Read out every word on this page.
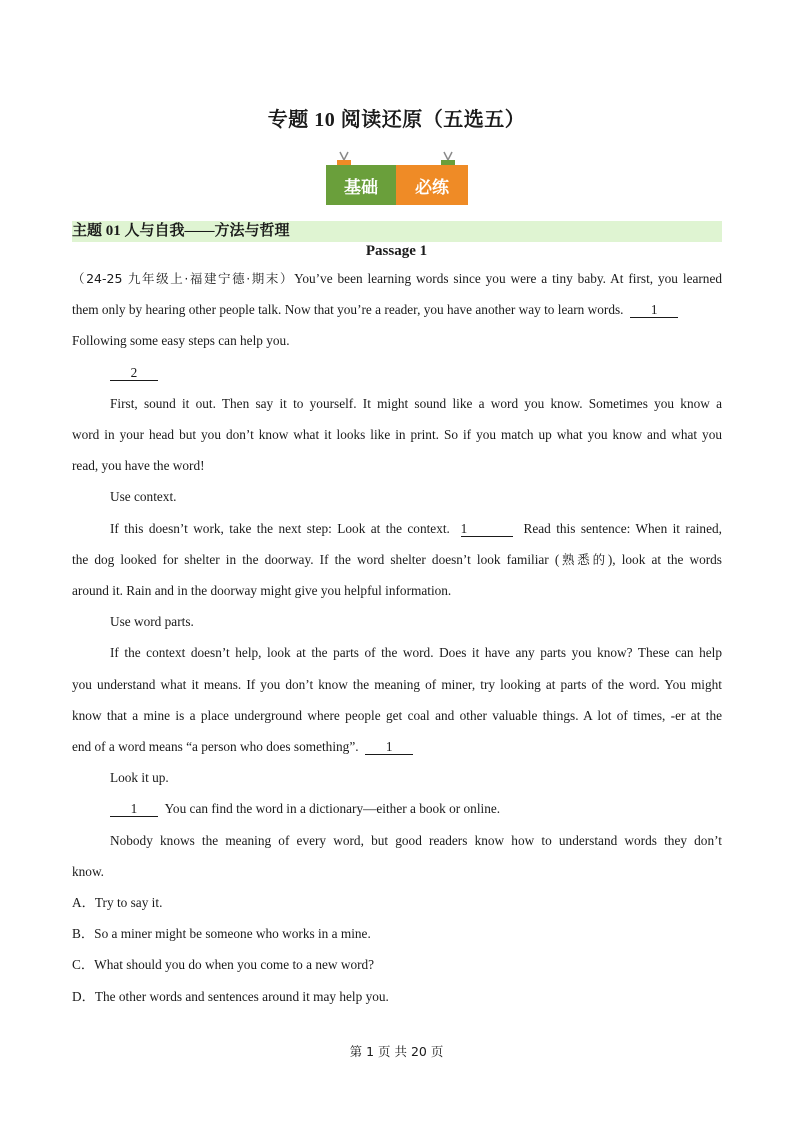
专题 10 阅读还原（五选五）
基础	必练
主题 01 人与自我——方法与哲理
Passage 1
（24-25 九年级上·福建宁德·期末）You’ve been learning words since you were a tiny baby. At first, you learned
them only by hearing other people talk. Now that you’re a reader, you have another way to learn words. 1
Following some easy steps can help you.
2
First, sound it out. Then say it to yourself. It might sound like a word you know. Sometimes you know a
word in your head but you don’t know what it looks like in print. So if you match up what you know and what you
read, you have the word!
Use context.
If this doesn’t work, take the next step: Look at the context. 1	Read this sentence: When it rained,
the dog looked for shelter in the doorway. If the word shelter doesn’t look familiar (熟悉的), look at the words
around it. Rain and in the doorway might give you helpful information.
Use word parts.
If the context doesn’t help, look at the parts of the word. Does it have any parts you know? These can help
you understand what it means. If you don’t know the meaning of miner, try looking at parts of the word. You might
know that a mine is a place underground where people get coal and other valuable things. A lot of times, -er at the
end of a word means “a person who does something”. 1
Look it up.
1 You can find the word in a dictionary—either a book or online.
Nobody knows the meaning of every word, but good readers know how to understand words they don’t
know.
A．Try to say it.
B．So a miner might be someone who works in a mine.
C．What should you do when you come to a new word?
D．The other words and sentences around it may help you.
第 1 页 共 20 页
